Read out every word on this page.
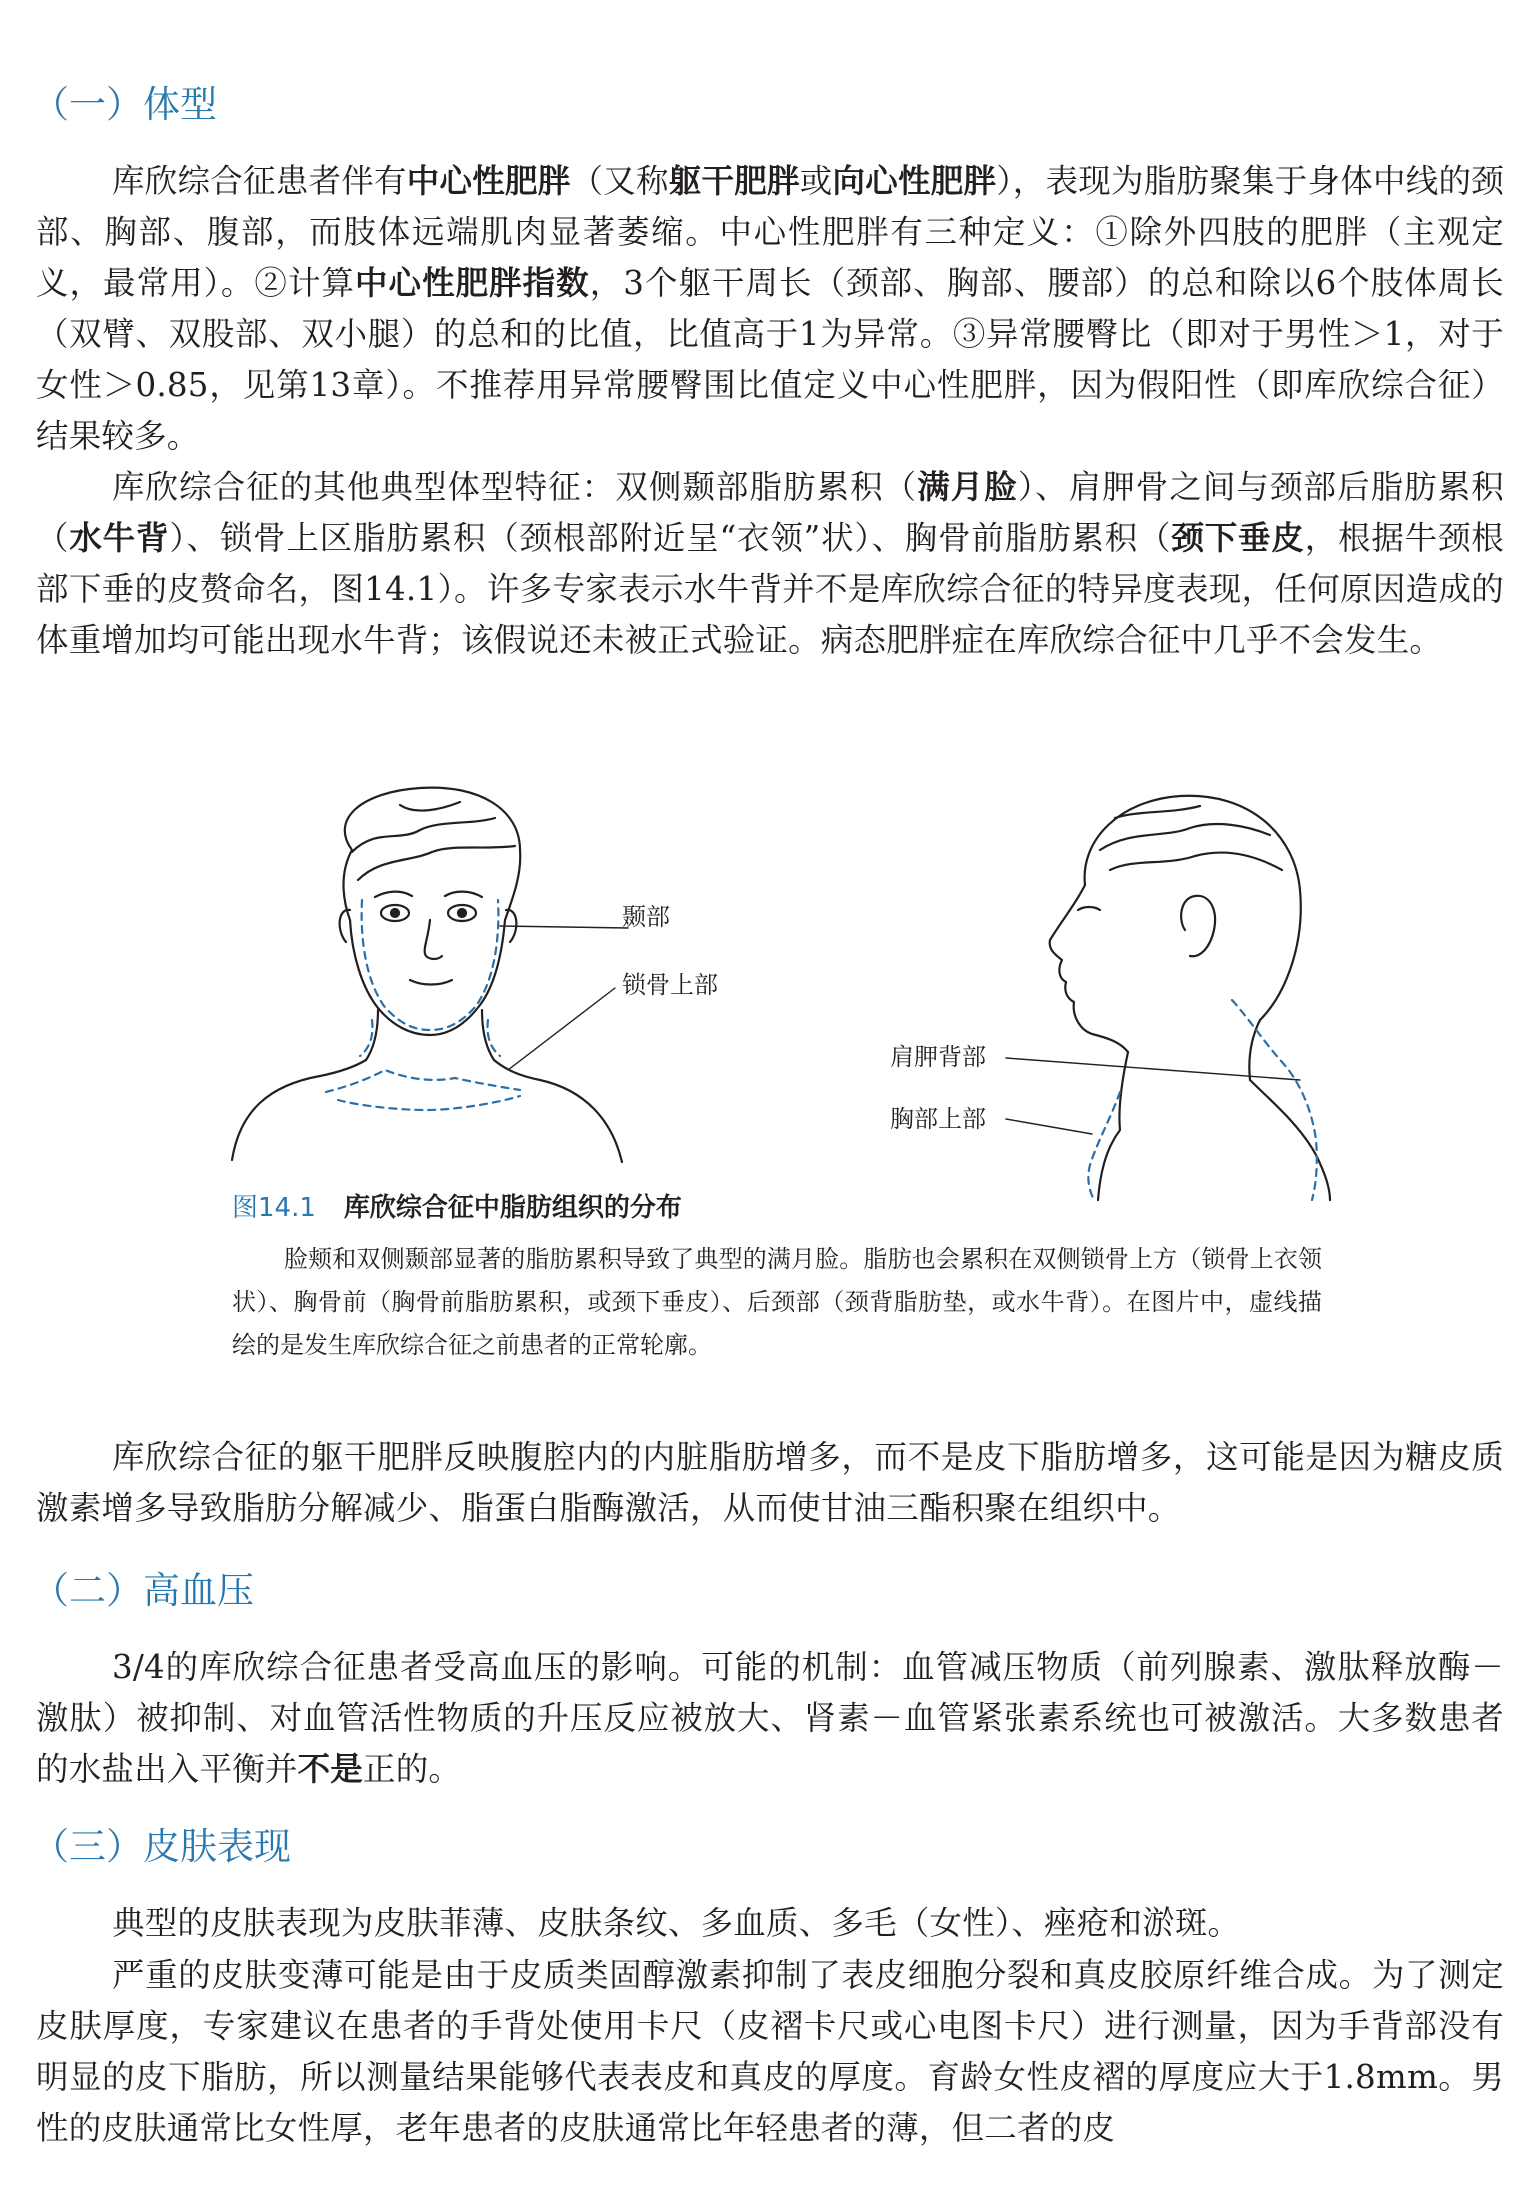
（一）体型

库欣综合征患者伴有中心性肥胖（又称躯干肥胖或向心性肥胖），表现为脂肪聚集于身体中线的颈部、胸部、腹部，而肢体远端肌肉显著萎缩。中心性肥胖有三种定义：①除外四肢的肥胖（主观定义，最常用）。②计算中心性肥胖指数，3个躯干周长（颈部、胸部、腰部）的总和除以6个肢体周长（双臂、双股部、双小腿）的总和的比值，比值高于1为异常。③异常腰臀比（即对于男性＞1，对于女性＞0.85，见第13章）。不推荐用异常腰臀围比值定义中心性肥胖，因为假阳性（即库欣综合征）结果较多。

库欣综合征的其他典型体型特征：双侧颞部脂肪累积（满月脸）、肩胛骨之间与颈部后脂肪累积（水牛背）、锁骨上区脂肪累积（颈根部附近呈“衣领”状）、胸骨前脂肪累积（颈下垂皮，根据牛颈根部下垂的皮赘命名，图14.1）。许多专家表示水牛背并不是库欣综合征的特异度表现，任何原因造成的体重增加均可能出现水牛背；该假说还未被正式验证。病态肥胖症在库欣综合征中几乎不会发生。

颞部
锁骨上部
肩胛背部
胸部上部
图14.1 库欣综合征中脂肪组织的分布

脸颊和双侧颞部显著的脂肪累积导致了典型的满月脸。脂肪也会累积在双侧锁骨上方（锁骨上衣领状）、胸骨前（胸骨前脂肪累积，或颈下垂皮）、后颈部（颈背脂肪垫，或水牛背）。在图片中，虚线描绘的是发生库欣综合征之前患者的正常轮廓。

库欣综合征的躯干肥胖反映腹腔内的内脏脂肪增多，而不是皮下脂肪增多，这可能是因为糖皮质激素增多导致脂肪分解减少、脂蛋白脂酶激活，从而使甘油三酯积聚在组织中。

（二）高血压

3/4的库欣综合征患者受高血压的影响。可能的机制：血管减压物质（前列腺素、激肽释放酶－激肽）被抑制、对血管活性物质的升压反应被放大、肾素－血管紧张素系统也可被激活。大多数患者的水盐出入平衡并不是正的。

（三）皮肤表现

典型的皮肤表现为皮肤菲薄、皮肤条纹、多血质、多毛（女性）、痤疮和淤斑。

严重的皮肤变薄可能是由于皮质类固醇激素抑制了表皮细胞分裂和真皮胶原纤维合成。为了测定皮肤厚度，专家建议在患者的手背处使用卡尺（皮褶卡尺或心电图卡尺）进行测量，因为手背部没有明显的皮下脂肪，所以测量结果能够代表表皮和真皮的厚度。育龄女性皮褶的厚度应大于1.8mm。男性的皮肤通常比女性厚，老年患者的皮肤通常比年轻患者的薄，但二者的皮
